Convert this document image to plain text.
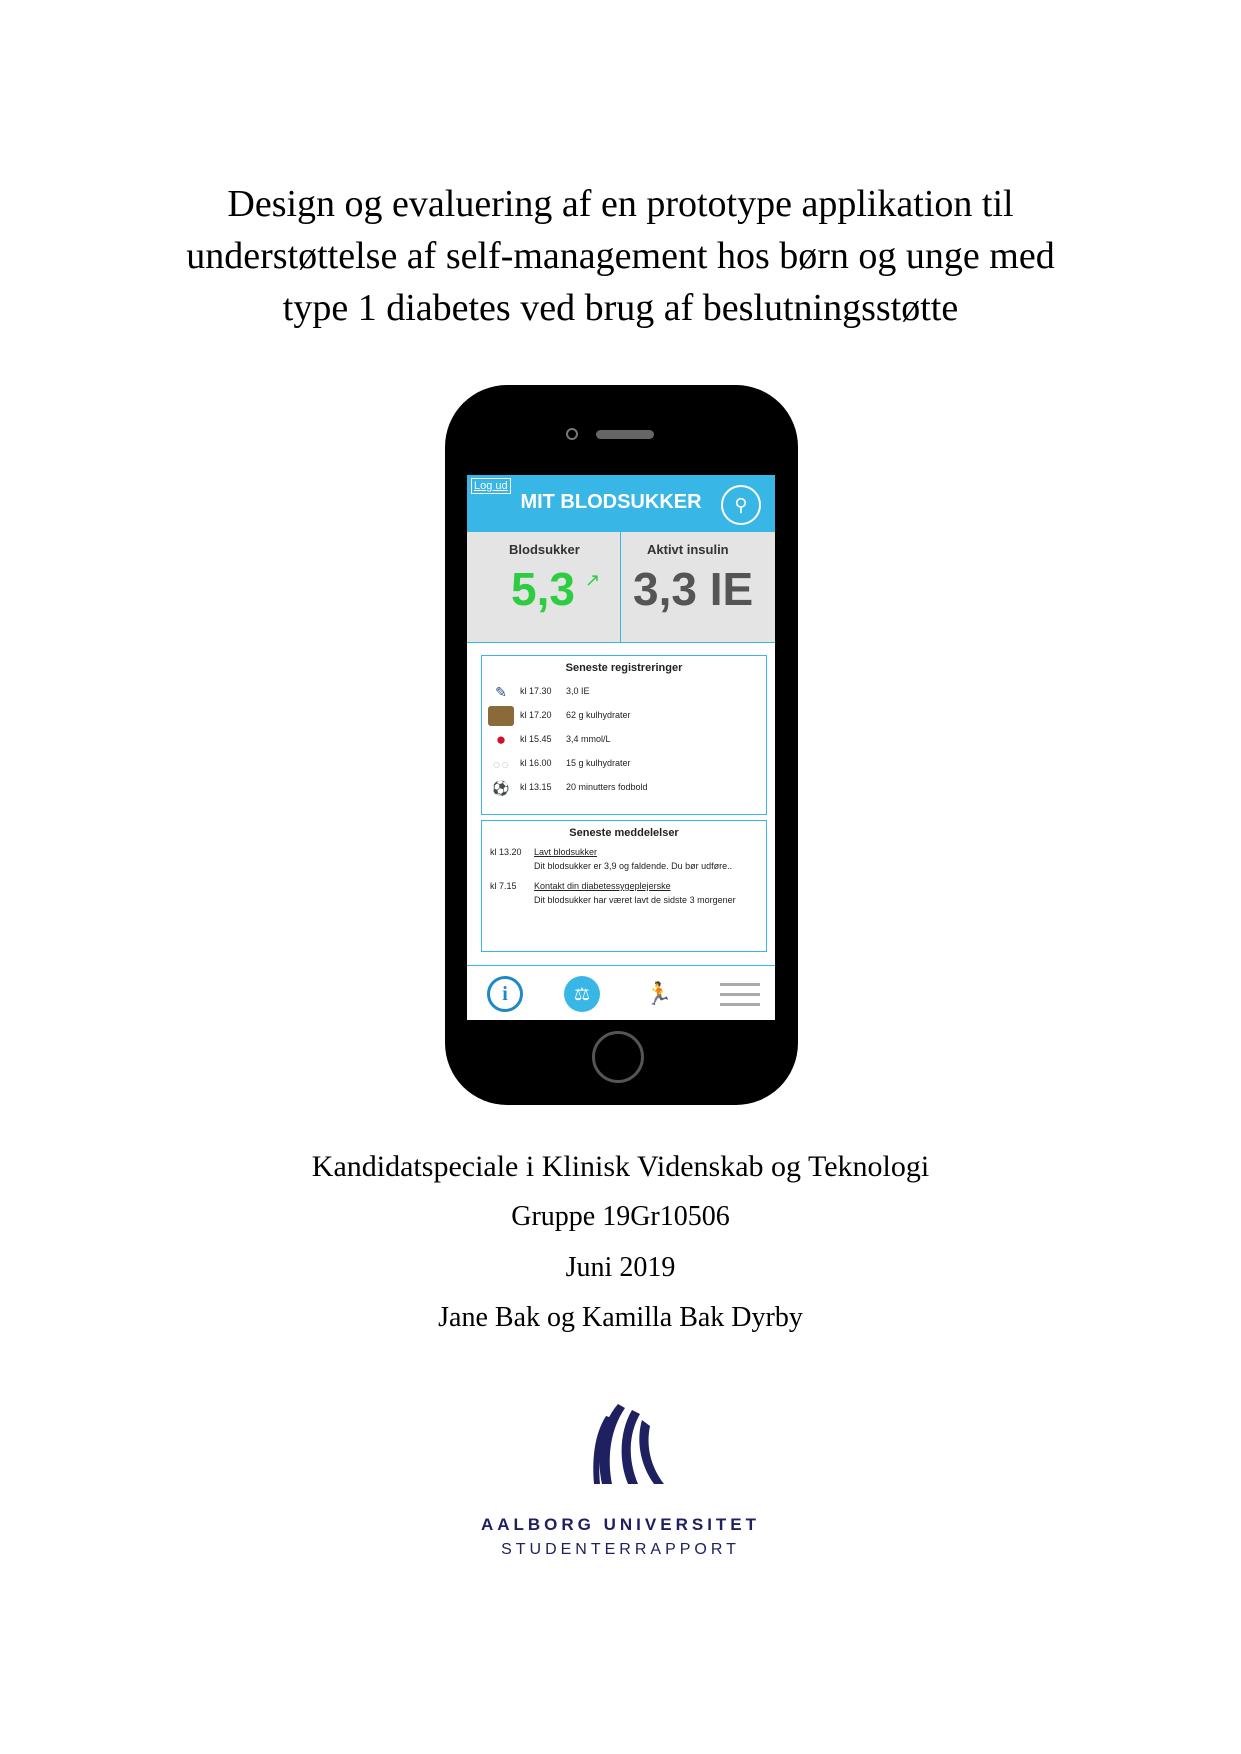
Design og evaluering af en prototype applikation til
understøttelse af self-management hos børn og unge med
type 1 diabetes ved brug af beslutningsstøtte
Log ud
MIT BLODSUKKER	⚲
Blodsukker
5,3 ↗
Aktivt insulin
3,3 IE
Seneste registreringer
✎	kl 17.30 3,0 IE
kl 17.20 62 g kulhydrater
●	kl 15.45 3,4 mmol/L
○○	kl 16.00 15 g kulhydrater
⚽	kl 13.15 20 minutters fodbold
Seneste meddelelser
kl 13.20 Lavt blodsukker
Dit blodsukker er 3,9 og faldende. Du bør udføre..
kl 7.15 Kontakt din diabetessygeplejerske
Dit blodsukker har været lavt de sidste 3 morgener
i	⚖	🏃
Kandidatspeciale i Klinisk Videnskab og Teknologi
Gruppe 19Gr10506
Juni 2019
Jane Bak og Kamilla Bak Dyrby
AALBORG UNIVERSITET
STUDENTERRAPPORT
